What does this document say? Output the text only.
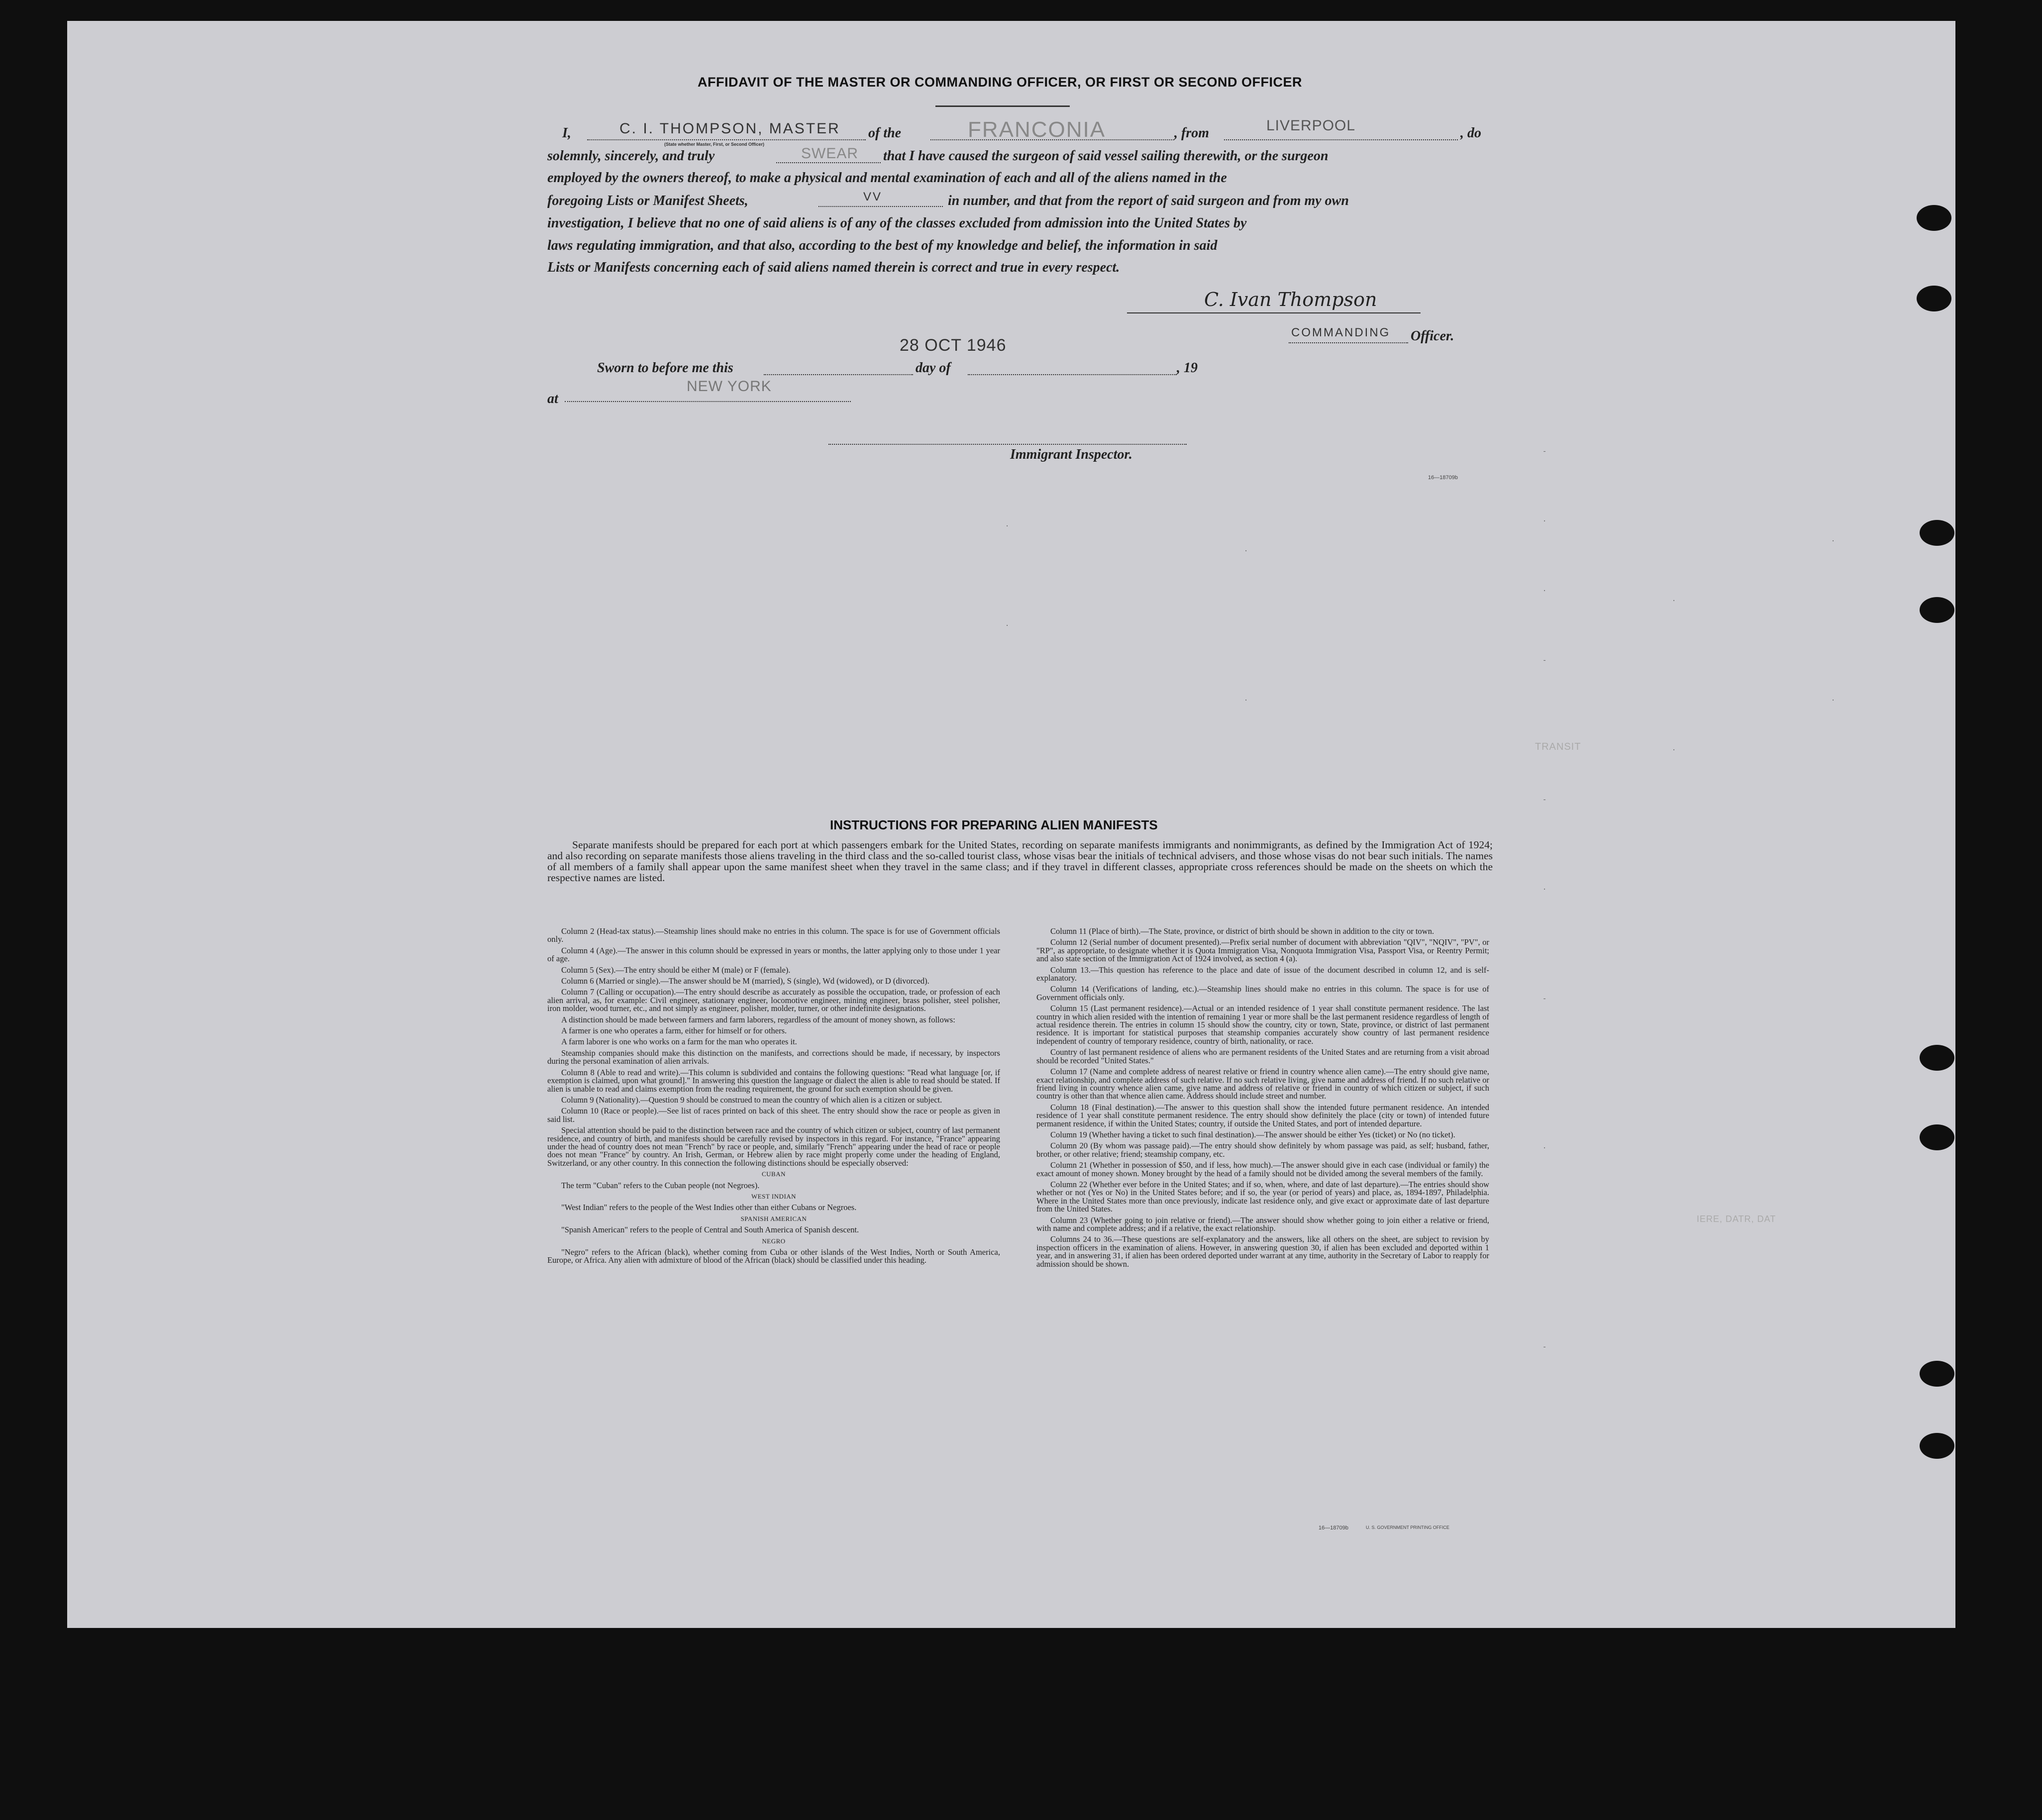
AFFIDAVIT OF THE MASTER OR COMMANDING OFFICER, OR FIRST OR SECOND OFFICER
I,	C. I. THOMPSON, MASTER
(State whether Master, First, or Second Officer)
of the	FRANCONIA	, from	LIVERPOOL	, do
solemnly, sincerely, and truly	SWEAR that I have caused the surgeon of said vessel sailing therewith, or the surgeon
employed by the owners thereof, to make a physical and mental examination of each and all of the aliens named in the
foregoing Lists or Manifest Sheets,	VV	in number, and that from the report of said surgeon and from my own
investigation, I believe that no one of said aliens is of any of the classes excluded from admission into the United States by
laws regulating immigration, and that also, according to the best of my knowledge and belief, the information in said
Lists or Manifests concerning each of said aliens named therein is correct and true in every respect.
C. Ivan Thompson
COMMANDING Officer.
28 OCT 1946
Sworn to before me this	day of	, 19
NEW YORK
at
Immigrant Inspector.
16—18709b
INSTRUCTIONS FOR PREPARING ALIEN MANIFESTS

Separate manifests should be prepared for each port at which passengers embark for the United States, recording on separate manifests immigrants and nonimmigrants, as defined by the Immigration Act of 1924; and also recording on separate manifests those aliens traveling in the third class and the so-called tourist class, whose visas bear the initials of technical advisers, and those whose visas do not bear such initials. The names of all members of a family shall appear upon the same manifest sheet when they travel in the same class; and if they travel in different classes, appropriate cross references should be made on the sheets on which the respective names are listed.

Column 2 (Head-tax status).—Steamship lines should make no entries in this column. The space is for use of Government officials only.

Column 4 (Age).—The answer in this column should be expressed in years or months, the latter applying only to those under 1 year of age.

Column 5 (Sex).—The entry should be either M (male) or F (female).

Column 6 (Married or single).—The answer should be M (married), S (single), Wd (widowed), or D (divorced).

Column 7 (Calling or occupation).—The entry should describe as accurately as possible the occupation, trade, or profession of each alien arrival, as, for example: Civil engineer, stationary engineer, locomotive engineer, mining engineer, brass polisher, steel polisher, iron molder, wood turner, etc., and not simply as engineer, polisher, molder, turner, or other indefinite designations.

A distinction should be made between farmers and farm laborers, regardless of the amount of money shown, as follows:

A farmer is one who operates a farm, either for himself or for others.

A farm laborer is one who works on a farm for the man who operates it.

Steamship companies should make this distinction on the manifests, and corrections should be made, if necessary, by inspectors during the personal examination of alien arrivals.

Column 8 (Able to read and write).—This column is subdivided and contains the following questions: "Read what language [or, if exemption is claimed, upon what ground]." In answering this question the language or dialect the alien is able to read should be stated. If alien is unable to read and claims exemption from the reading requirement, the ground for such exemption should be given.

Column 9 (Nationality).—Question 9 should be construed to mean the country of which alien is a citizen or subject.

Column 10 (Race or people).—See list of races printed on back of this sheet. The entry should show the race or people as given in said list.

Special attention should be paid to the distinction between race and the country of which citizen or subject, country of last permanent residence, and country of birth, and manifests should be carefully revised by inspectors in this regard. For instance, "France" appearing under the head of country does not mean "French" by race or people, and, similarly "French" appearing under the head of race or people does not mean "France" by country. An Irish, German, or Hebrew alien by race might properly come under the heading of England, Switzerland, or any other country. In this connection the following distinctions should be especially observed:

CUBAN

The term "Cuban" refers to the Cuban people (not Negroes).

WEST INDIAN

"West Indian" refers to the people of the West Indies other than either Cubans or Negroes.

SPANISH AMERICAN

"Spanish American" refers to the people of Central and South America of Spanish descent.

NEGRO

"Negro" refers to the African (black), whether coming from Cuba or other islands of the West Indies, North or South America, Europe, or Africa. Any alien with admixture of blood of the African (black) should be classified under this heading.

Column 11 (Place of birth).—The State, province, or district of birth should be shown in addition to the city or town.

Column 12 (Serial number of document presented).—Prefix serial number of document with abbreviation "QIV", "NQIV", "PV", or "RP", as appropriate, to designate whether it is Quota Immigration Visa, Nonquota Immigration Visa, Passport Visa, or Reentry Permit; and also state section of the Immigration Act of 1924 involved, as section 4 (a).

Column 13.—This question has reference to the place and date of issue of the document described in column 12, and is self-explanatory.

Column 14 (Verifications of landing, etc.).—Steamship lines should make no entries in this column. The space is for use of Government officials only.

Column 15 (Last permanent residence).—Actual or an intended residence of 1 year shall constitute permanent residence. The last country in which alien resided with the intention of remaining 1 year or more shall be the last permanent residence regardless of length of actual residence therein. The entries in column 15 should show the country, city or town, State, province, or district of last permanent residence. It is important for statistical purposes that steamship companies accurately show country of last permanent residence independent of country of temporary residence, country of birth, nationality, or race.

Country of last permanent residence of aliens who are permanent residents of the United States and are returning from a visit abroad should be recorded "United States."

Column 17 (Name and complete address of nearest relative or friend in country whence alien came).—The entry should give name, exact relationship, and complete address of such relative. If no such relative living, give name and address of friend. If no such relative or friend living in country whence alien came, give name and address of relative or friend in country of which citizen or subject, if such country is other than that whence alien came. Address should include street and number.

Column 18 (Final destination).—The answer to this question shall show the intended future permanent residence. An intended residence of 1 year shall constitute permanent residence. The entry should show definitely the place (city or town) of intended future permanent residence, if within the United States; country, if outside the United States, and port of intended departure.

Column 19 (Whether having a ticket to such final destination).—The answer should be either Yes (ticket) or No (no ticket).

Column 20 (By whom was passage paid).—The entry should show definitely by whom passage was paid, as self; husband, father, brother, or other relative; friend; steamship company, etc.

Column 21 (Whether in possession of $50, and if less, how much).—The answer should give in each case (individual or family) the exact amount of money shown. Money brought by the head of a family should not be divided among the several members of the family.

Column 22 (Whether ever before in the United States; and if so, when, where, and date of last departure).—The entries should show whether or not (Yes or No) in the United States before; and if so, the year (or period of years) and place, as, 1894-1897, Philadelphia. Where in the United States more than once previously, indicate last residence only, and give exact or approximate date of last departure from the United States.

Column 23 (Whether going to join relative or friend).—The answer should show whether going to join either a relative or friend, with name and complete address; and if a relative, the exact relationship.

Columns 24 to 36.—These questions are self-explanatory and the answers, like all others on the sheet, are subject to revision by inspection officers in the examination of aliens. However, in answering question 30, if alien has been excluded and deported within 1 year, and in answering 31, if alien has been ordered deported under warrant at any time, authority in the Secretary of Labor to reapply for admission should be shown.

16—18709b	U. S. GOVERNMENT PRINTING OFFICE
TRANSIT
IERE, DATR, DAT
-
·
·
-
-
·
-
·
-
·
·
·
·
·
·
·
·
